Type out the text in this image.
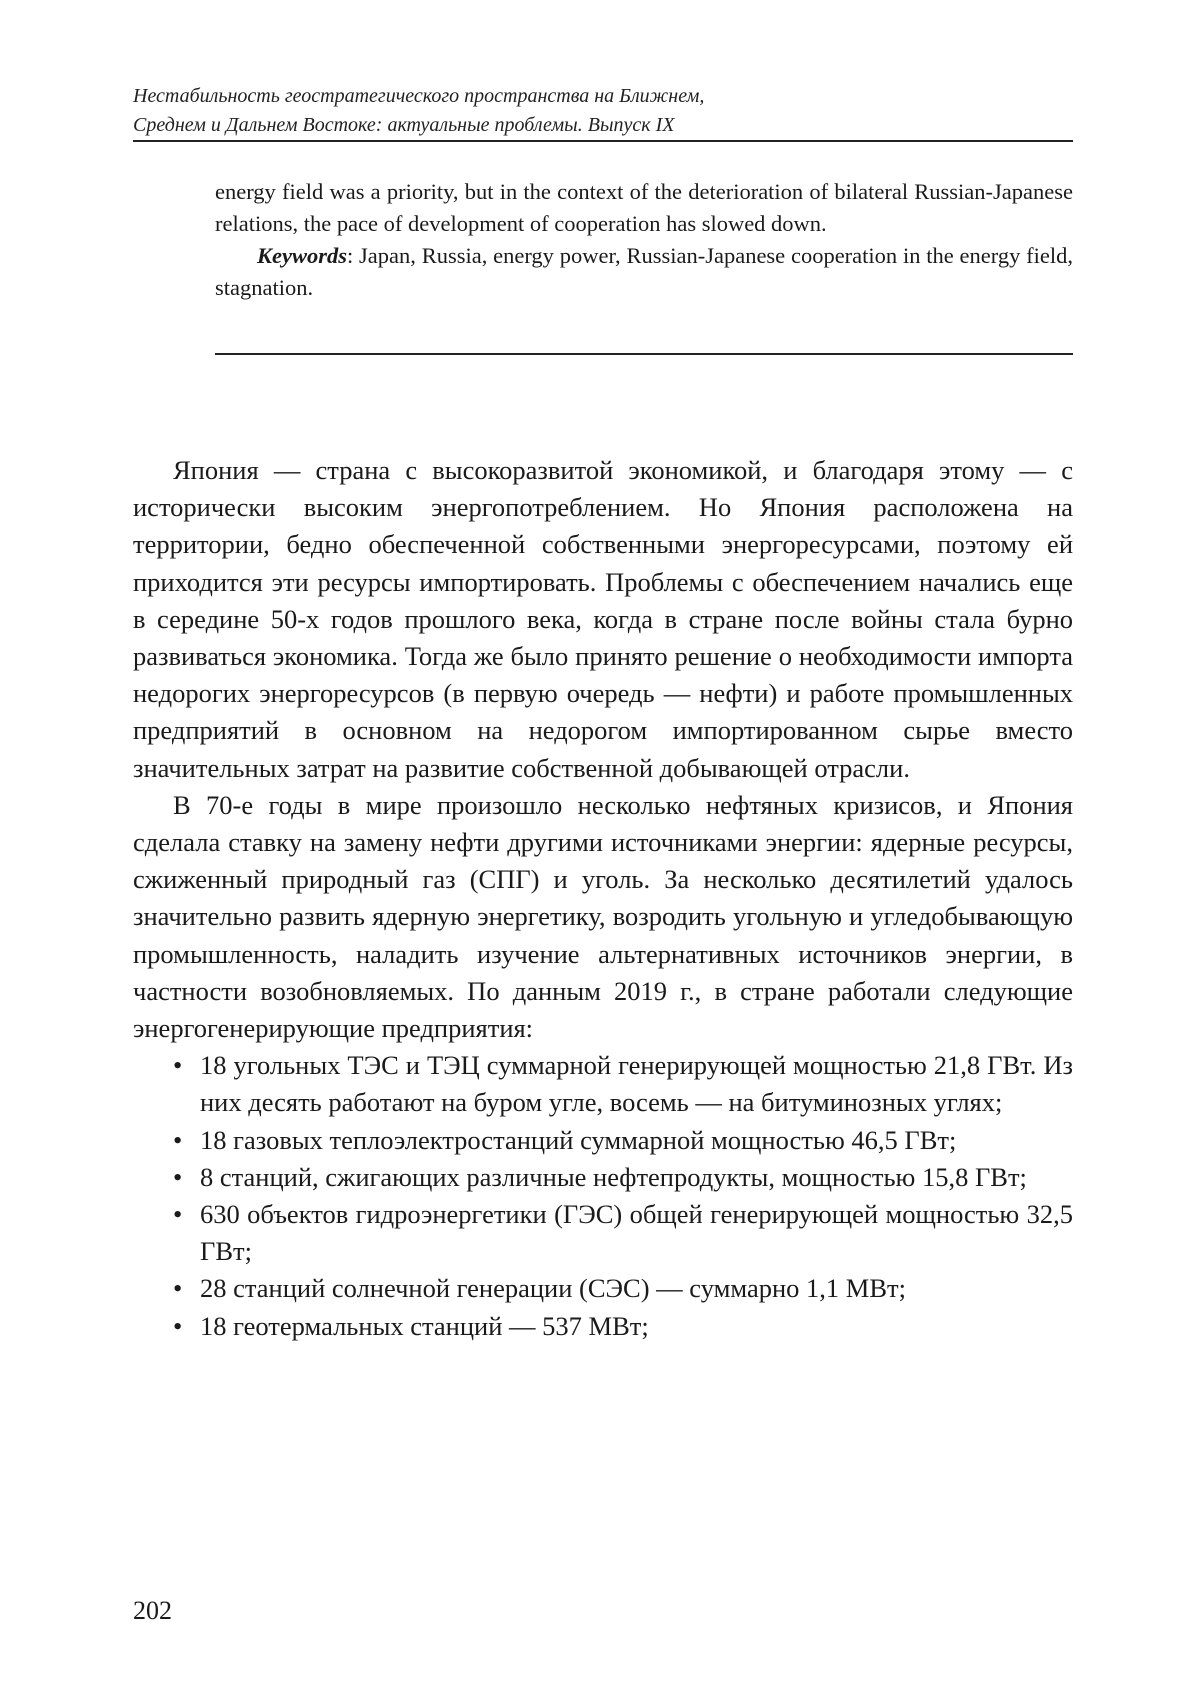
Нестабильность геостратегического пространства на Ближнем,
Среднем и Дальнем Востоке: актуальные проблемы. Выпуск IX

energy field was a priority, but in the context of the deterioration of bilateral Russian-Japanese relations, the pace of development of cooperation has slowed down.

Keywords: Japan, Russia, energy power, Russian-Japanese cooperation in the energy field, stagnation.

Япония — страна с высокоразвитой экономикой, и благодаря этому — с исторически высоким энергопотреблением. Но Япония расположена на территории, бедно обеспеченной собственными энергоресурсами, поэтому ей приходится эти ресурсы импортировать. Проблемы с обеспечением начались еще в середине 50-х годов прошлого века, когда в стране после войны стала бурно развиваться экономика. Тогда же было принято решение о необходимости импорта недорогих энергоресурсов (в первую очередь — нефти) и работе промышленных предприятий в основном на недорогом импортированном сырье вместо значительных затрат на развитие собственной добывающей отрасли.

В 70-е годы в мире произошло несколько нефтяных кризисов, и Япония сделала ставку на замену нефти другими источниками энергии: ядерные ресурсы, сжиженный природный газ (СПГ) и уголь. За несколько десятилетий удалось значительно развить ядерную энергетику, возродить угольную и угледобывающую промышленность, наладить изучение альтернативных источников энергии, в частности возобновляемых. По данным 2019 г., в стране работали следующие энергогенерирующие предприятия:

• 18 угольных ТЭС и ТЭЦ суммарной генерирующей мощностью 21,8 ГВт. Из них десять работают на буром угле, восемь — на битуминозных углях;
• 18 газовых теплоэлектростанций суммарной мощностью 46,5 ГВт;
• 8 станций, сжигающих различные нефтепродукты, мощностью 15,8 ГВт;
• 630 объектов гидроэнергетики (ГЭС) общей генерирующей мощностью 32,5 ГВт;
• 28 станций солнечной генерации (СЭС) — суммарно 1,1 МВт;
• 18 геотермальных станций — 537 МВт;
202
